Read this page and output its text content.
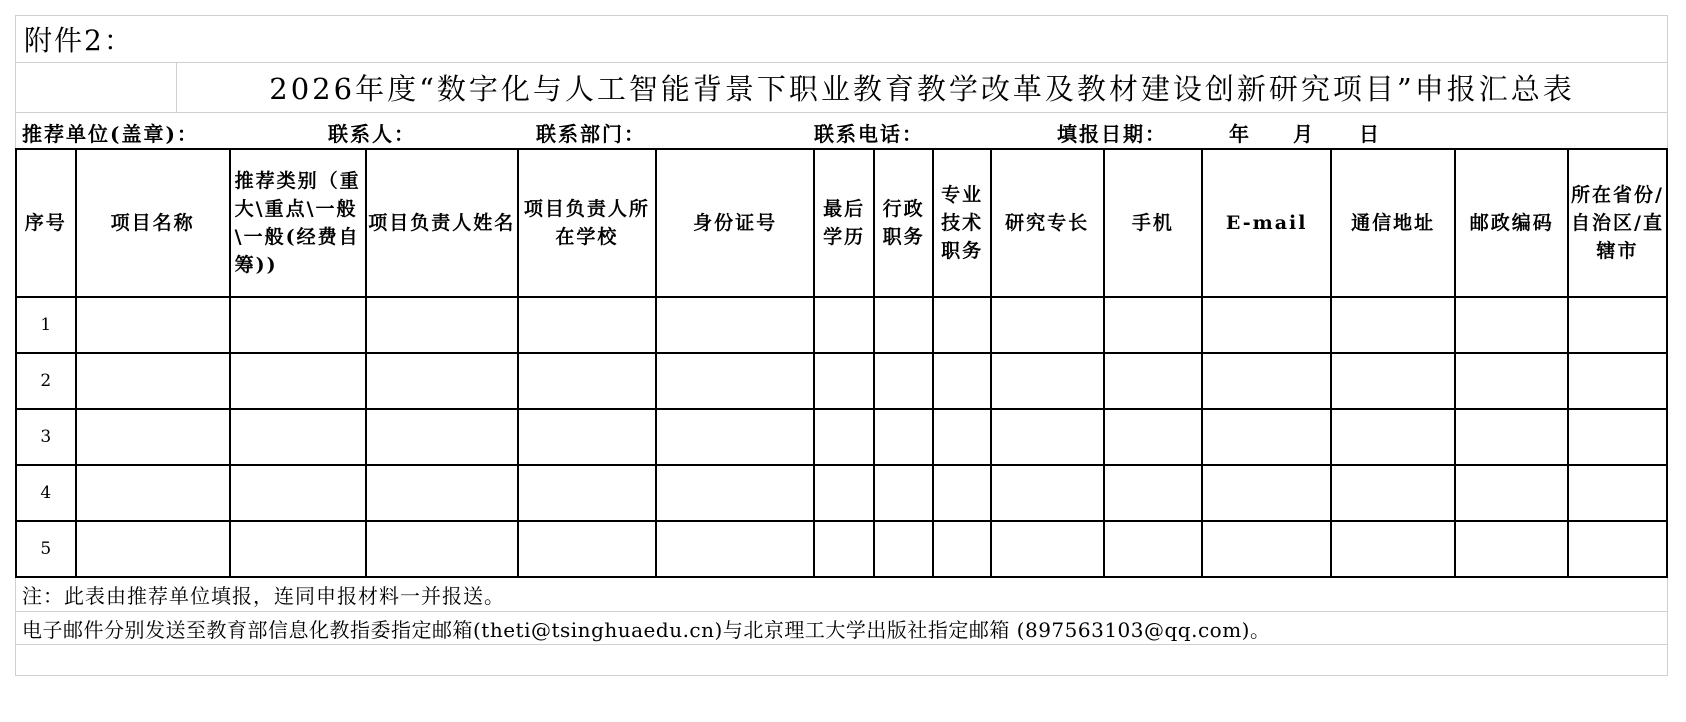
附件2：
2026年度“数字化与人工智能背景下职业教育教学改革及教材建设创新研究项目”申报汇总表
推荐单位(盖章)：	联系人：	联系部门：	联系电话：	填报日期：	年 月 日
序号	项目名称	推荐类别（重大\重点\一般\一般(经费自筹))	项目负责人姓名	项目负责人所在学校	身份证号	最后学历	行政职务	专业技术职务	研究专长	手机	E-mail	通信地址	邮政编码	所在省份/自治区/直辖市
1														
2														
3														
4														
5														
注：此表由推荐单位填报，连同申报材料一并报送。
电子邮件分别发送至教育部信息化教指委指定邮箱(theti@tsinghuaedu.cn)与北京理工大学出版社指定邮箱 (897563103@qq.com)。
